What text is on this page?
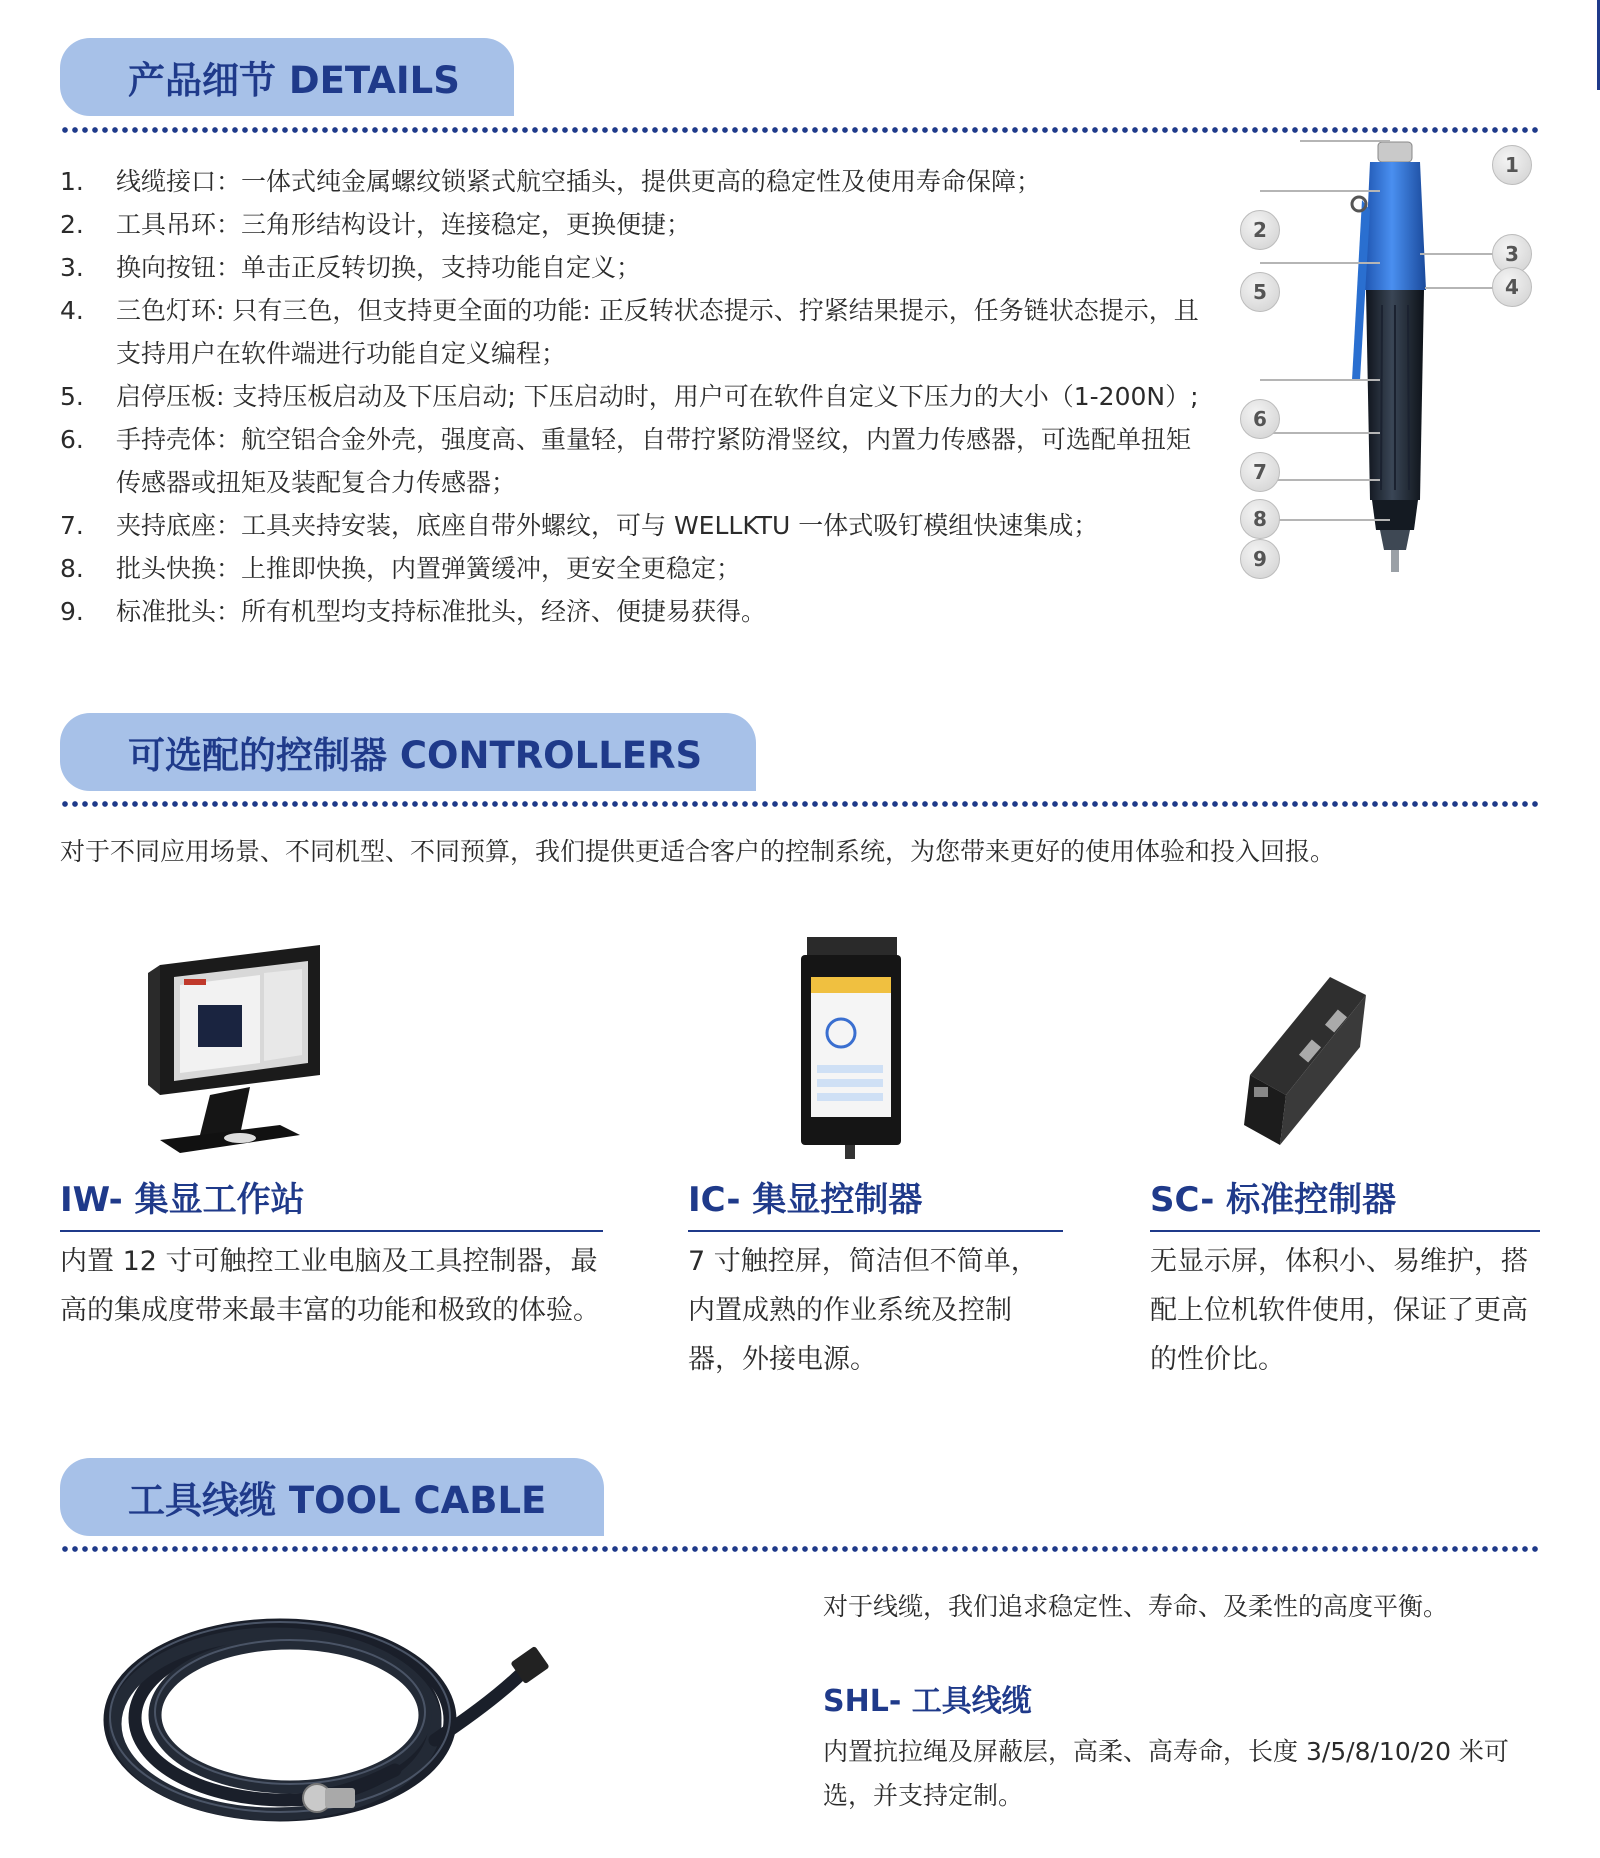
产品细节 DETAILS
1.	线缆接口：一体式纯金属螺纹锁紧式航空插头，提供更高的稳定性及使用寿命保障；
2.	工具吊环：三角形结构设计，连接稳定，更换便捷；
3.	换向按钮：单击正反转切换，支持功能自定义；
4.	三色灯环: 只有三色，但支持更全面的功能: 正反转状态提示、拧紧结果提示，任务链状态提示，且支持用户在软件端进行功能自定义编程；
5.	启停压板: 支持压板启动及下压启动; 下压启动时，用户可在软件自定义下压力的大小（1-200N）;
6.	手持壳体：航空铝合金外壳，强度高、重量轻，自带拧紧防滑竖纹，内置力传感器，可选配单扭矩传感器或扭矩及装配复合力传感器；
7.	夹持底座：工具夹持安装，底座自带外螺纹，可与 WELLKTU 一体式吸钉模组快速集成；
8.	批头快换：上推即快换，内置弹簧缓冲，更安全更稳定；
9.	标准批头：所有机型均支持标准批头，经济、便捷易获得。
1
2
3
4
5
6
7
8
9
可选配的控制器 CONTROLLERS
对于不同应用场景、不同机型、不同预算，我们提供更适合客户的控制系统，为您带来更好的使用体验和投入回报。
IW- 集显工作站
内置 12 寸可触控工业电脑及工具控制器，最高的集成度带来最丰富的功能和极致的体验。
IC- 集显控制器
7 寸触控屏，简洁但不简单，内置成熟的作业系统及控制器，外接电源。
SC- 标准控制器
无显示屏，体积小、易维护，搭配上位机软件使用，保证了更高的性价比。
工具线缆 TOOL CABLE
对于线缆，我们追求稳定性、寿命、及柔性的高度平衡。
SHL- 工具线缆
内置抗拉绳及屏蔽层，高柔、高寿命，长度 3/5/8/10/20 米可选，并支持定制。
